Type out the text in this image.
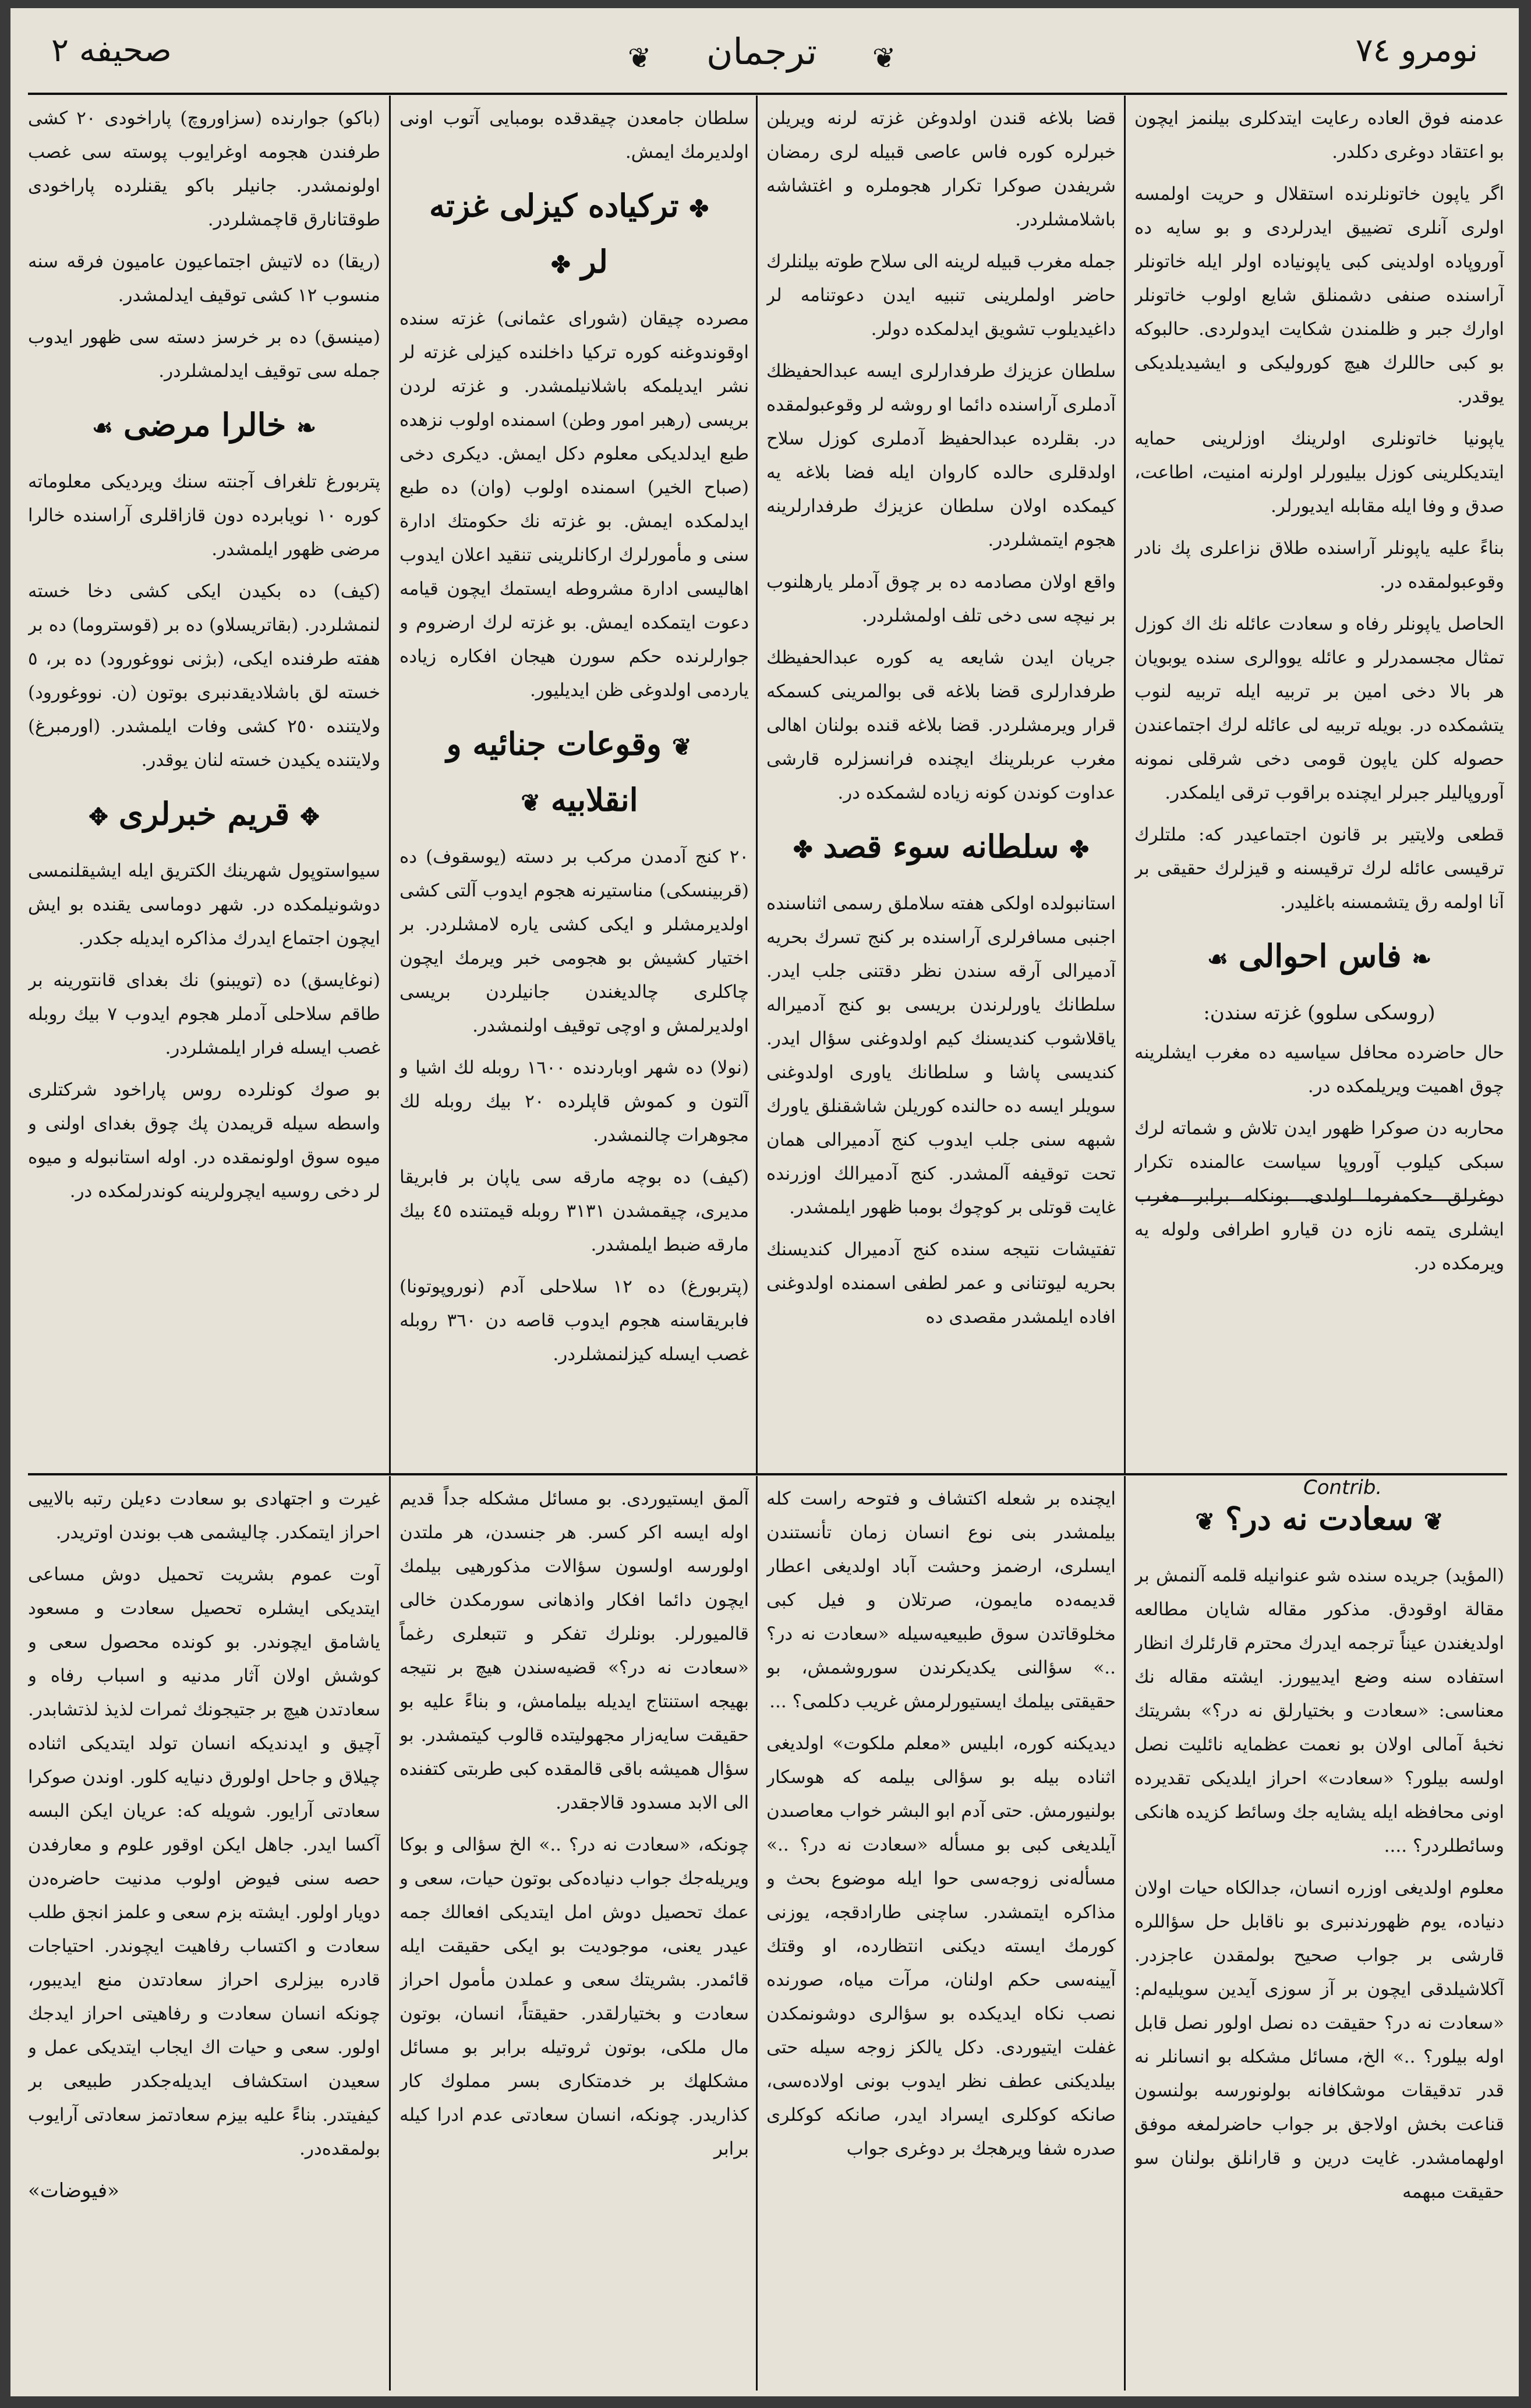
نومرو ٧٤
❦	ترجمان	❦
صحيفه ٢

عدمنه فوق العاده رعايت ايتدكلرى بيلنمز ايچون بو اعتقاد دوغرى دكلدر.

اگر ياپون خاتونلرنده استقلال و حريت اولمسه اولرى آنلرى تضييق ايدرلردى و بو سايه ده آوروپاده اولدينى كبى ياپونياده اولر ايله خاتونلر آراسنده صنفى دشمنلق شايع اولوب خاتونلر اوارك جبر و ظلمندن شكايت ايدولردى. حالبوكه بو كبى حاللرك هيچ كوروليكى و ايشيديلديكى يوقدر.

ياپونيا خاتونلرى اولرينك اوزلرينى حمايه ايتديكلرينى كوزل بيليورلر اولرنه امنيت، اطاعت، صدق و وفا ايله مقابله ايديورلر.

بناءً عليه ياپونلر آراسنده طلاق نزاعلرى پك نادر وقوعبولمقده در.

الحاصل ياپونلر رفاه و سعادت عائله نك اك كوزل تمثال مجسمدرلر و عائله يووالرى سنده يوبويان هر بالا دخى امين بر تربيه ايله تربيه لنوب يتشمكده در. بويله تربيه لى عائله لرك اجتماعندن حصوله كلن ياپون قومى دخى شرقلى نمونه آوروپاليلر جبرلر ايچنده براقوب ترقى ايلمكدر.

قطعى ولايتير بر قانون اجتماعيدر كه: ملتلرك ترقيسى عائله لرك ترقيسنه و قيزلرك حقيقى بر آنا اولمه رق يتشمسنه باغليدر.

❧فاس احوالى☙
(روسكى سلوو) غزته سندن:

حال حاضرده محافل سياسيه ده مغرب ايشلرينه چوق اهميت ويريلمكده در.

محاربه دن صوكرا ظهور ايدن تلاش و شماته لرك سبكى كيلوب آوروپا سياست عالمنده تكرار دوغرلق حكمفرما اولدى. بونكله برابر مغرب ايشلرى يتمه نازه دن قيارو اطرافى ولوله يه ويرمكده در.

قضا بلاغه قندن اولدوغن غزته لرنه ويريلن خبرلره كوره فاس عاصى قبيله لرى رمضان شريفدن صوكرا تكرار هجوملره و اغتشاشه باشلامشلردر.

جمله مغرب قبيله لرينه الى سلاح طوته بيلنلرك حاضر اولملرينى تنبيه ايدن دعوتنامه لر داغيديلوب تشويق ايدلمكده دولر.

سلطان عزيزك طرفدارلرى ايسه عبدالحفيظك آدملرى آراسنده دائما او روشه لر وقوعبولمقده در. بقلرده عبدالحفيظ آدملرى كوزل سلاح اولدقلرى حالده كاروان ايله فضا بلاغه يه كيمكده اولان سلطان عزيزك طرفدارلرينه هجوم ايتمشلردر.

واقع اولان مصادمه ده بر چوق آدملر يارهلنوب بر نيچه سى دخى تلف اولمشلردر.

جريان ايدن شايعه يه كوره عبدالحفيظك طرفدارلرى قضا بلاغه قى بوالمرينى كسمكه قرار ويرمشلردر. قضا بلاغه قنده بولنان اهالى مغرب عربلرينك ايچنده فرانسزلره قارشى عداوت كوندن كونه زياده لشمكده در.

✤سلطانه سوء قصد✤

استانبولده اولكى هفته سلاملق رسمى اثناسنده اجنبى مسافرلرى آراسنده بر كنج تسرك بحريه آدميرالى آرقه سندن نظر دقتنى جلب ايدر. سلطانك ياورلرندن بريسى بو كنج آدميراله ياقلاشوب كنديسنك كيم اولدوغنى سؤال ايدر. كنديسى پاشا و سلطانك ياورى اولدوغنى سويلر ايسه ده حالنده كوريلن شاشقنلق ياورك شبهه سنى جلب ايدوب كنج آدميرالى همان تحت توقيفه آلمشدر. كنج آدميرالك اوزرنده غايت قوتلى بر كوچوك بومبا ظهور ايلمشدر.

تفتيشات نتيجه سنده كنج آدميرال كنديسنك بحريه ليوتنانى و عمر لطفى اسمنده اولدوغنى افاده ايلمشدر مقصدى ده

سلطان جامعدن چيقدقده بومبايى آتوب اونى اولديرمك ايمش.

✤تركياده كيزلى غزته لر✤

مصرده چيقان (شوراى عثمانى) غزته سنده اوقوندوغنه كوره تركيا داخلنده كيزلى غزته لر نشر ايديلمكه باشلانيلمشدر. و غزته لردن بريسى (رهبر امور وطن) اسمنده اولوب نزهده طبع ايدلديكى معلوم دكل ايمش. ديكرى دخى (صباح الخير) اسمنده اولوب (وان) ده طبع ايدلمكده ايمش. بو غزته نك حكومتك ادارة سنى و مأمورلرك اركانلرينى تنقيد اعلان ايدوب اهاليسى ادارة مشروطه ايستمك ايچون قيامه دعوت ايتمكده ايمش. بو غزته لرك ارضروم و جوارلرنده حكم سورن هيجان افكاره زياده ياردمى اولدوغى ظن ايديليور.

❦وقوعات جنائيه و انقلابيه❦

٢٠ كنج آدمدن مركب بر دسته (يوسقوف) ده (قربينسكى) مناستيرنه هجوم ايدوب آلتى كشى اولديرمشلر و ايكى كشى ياره لامشلردر. بر اختيار كشيش بو هجومى خبر ويرمك ايچون چاكلرى چالديغندن جانيلردن بريسى اولديرلمش و اوچى توقيف اولنمشدر.

(نولا) ده شهر اوباردنده ١٦٠٠ روبله لك اشيا و آلتون و كموش قاپلرده ٢٠ بيك روبله لك مجوهرات چالنمشدر.

(كيف) ده بوچه مارقه سى ياپان بر فابريقا مديرى، چيقمشدن ٣١٣١ روبله قيمتنده ٤٥ بيك مارقه ضبط ايلمشدر.

(پتربورغ) ده ١٢ سلاحلى آدم (نوروپوتونا) فابريقاسنه هجوم ايدوب قاصه دن ٣٦٠ روبله غصب ايسله كيزلنمشلردر.

(باكو) جوارنده (سزاوروچ) پاراخودى ٢٠ كشى طرفندن هجومه اوغرايوب پوسته سى غصب اولونمشدر. جانيلر باكو يقنلرده پاراخودى طوقتانارق قاچمشلردر.

(ريقا) ده لاتيش اجتماعيون عاميون فرقه سنه منسوب ١٢ كشى توقيف ايدلمشدر.

(مينسق) ده بر خرسز دسته سى ظهور ايدوب جمله سى توقيف ايدلمشلردر.

❧خالرا مرضى☙

پتربورغ تلغراف آجنته سنك ويرديكى معلوماته كوره ١٠ نويابرده دون قازاقلرى آراسنده خالرا مرضى ظهور ايلمشدر.

(كيف) ده بكيدن ايكى كشى دخا خسته لنمشلردر. (بقاتريسلاو) ده بر (قوستروما) ده بر هفته طرفنده ايكى، (بژنى نووغورود) ده بر، ٥ خسته لق باشلاديقدنبرى بوتون (ن. نووغورود) ولايتنده ٢٥٠ كشى وفات ايلمشدر. (اورمبرغ) ولايتنده يكيدن خسته لنان يوقدر.

✥قريم خبرلرى✥

سيواستوپول شهرينك الكتريق ايله ايشيقلنمسى دوشونيلمكده در. شهر دوماسى يقنده بو ايش ايچون اجتماع ايدرك مذاكره ايديله جكدر.

(نوغايسق) ده (تويبنو) نك بغداى قانتورينه بر طاقم سلاحلى آدملر هجوم ايدوب ٧ بيك روبله غصب ايسله فرار ايلمشلردر.

بو صوك كونلرده روس پاراخود شركتلرى واسطه سيله قريمدن پك چوق بغداى اولنى و ميوه سوق اولونمقده در. اوله استانبوله و ميوه لر دخى روسيه ايچرولرينه كوندرلمكده در.

❦سعادت نه در؟❦

(المؤيد) جريده سنده شو عنوانيله قلمه آلنمش بر مقالة اوقودق. مذكور مقاله شايان مطالعه اولديغندن عيناً ترجمه ايدرك محترم قارئلرك انظار استفاده سنه وضع ايدييورز. ايشته مقاله نك معناسى: «سعادت و بختيارلق نه در؟» بشريتك نخبهٔ آمالى اولان بو نعمت عظمايه نائليت نصل اولسه بيلور؟ «سعادت» احراز ايلديكى تقديرده اونى محافظه ايله يشايه جك وسائط كزيده هانكى وسائطلردر؟ ....

معلوم اولديغى اوزره انسان، جدالكاه حيات اولان دنياده، يوم ظهورندنبرى بو ناقابل حل سؤاللره قارشى بر جواب صحيح بولمقدن عاجزدر. آكلاشيلدقى ايچون بر آز سوزى آيدين سويليه‌لم: «سعادت نه در؟ حقيقت ده نصل اولور نصل قابل اوله بيلور؟ ..» الخ، مسائل مشكله بو انسانلر نه قدر تدقيقات موشكافانه بولونورسه بولنسون قناعت بخش اولاجق بر جواب حاضرلمغه موفق اولهمامشدر. غايت درين و قارانلق بولنان سو حقيقت مبهمه

Contrib.

ايچنده بر شعله اكتشاف و فتوحه راست كله بيلمشدر بنى نوع انسان زمان تأنستندن ايسلرى، ارضمز وحشت آباد اولديغى اعطار قديمه‌ده مايمون، صرتلان و فيل كبى مخلوقاتدن سوق طبيعيه‌سيله «سعادت نه در؟ ..» سؤالنى يكديكرندن سوروشمش، بو حقيقتى بيلمك ايستيورلرمش غريب دكلمى؟ ...

ديديكنه كوره، ابليس «معلم ملكوت» اولديغى اثناده بيله بو سؤالى بيلمه كه هوسكار بولنيورمش. حتى آدم ابو البشر خواب معاصىدن آيلديغى كبى بو مسأله «سعادت نه در؟ ..» مسأله‌نى زوجه‌سى حوا ايله موضوع بحث و مذاكره ايتمشدر. ساچنى طارادقجه، يوزنى كورمك ايسته ديكنى انتظارده، او وقتك آيينه‌سى حكم اولنان، مرآت مياه، صورنده نصب نكاه ايديكده بو سؤالرى دوشونمكدن غفلت ايتيوردى. دكل يالكز زوجه سيله حتى بيلديكنى عطف نظر ايدوب بونى اولاده‌سى، صانكه كوكلرى ايسراد ايدر، صانكه كوكلرى صدره شفا ويرهجك بر دوغرى جواب

آلمق ايستيوردى. بو مسائل مشكله جداً قديم اوله ايسه اكر كسر. هر جنسدن، هر ملتدن اولورسه اولسون سؤالات مذكورهيى بيلمك ايچون دائما افكار واذهانى سورمكدن خالى قالميورلر. بونلرك تفكر و تتبعلرى رغماً «سعادت نه در؟» قضيه‌سندن هيچ بر نتيجه بهيجه استنتاج ايديله بيلمامش، و بناءً عليه بو حقيقت سايه‌زار مجهوليتده قالوب كيتمشدر. بو سؤال هميشه باقى قالمقده كبى طربتى كتفنده الى الابد مسدود قالاجقدر.

چونكه، «سعادت نه در؟ ..» الخ سؤالى و بوكا ويريله‌جك جواب دنياده‌كى بوتون حيات، سعى و عمك تحصيل دوش امل ايتديكى افعالك جمه عيدر يعنى، موجوديت بو ايكى حقيقت ايله قائمدر. بشريتك سعى و عملدن مأمول احراز سعادت و بختيارلقدر. حقيقتاً، انسان، بوتون مال ملكى، بوتون ثروتيله برابر بو مسائل مشكلهك بر خدمتكارى بسر مملوك كار كذاريدر. چونكه، انسان سعادتى عدم ادرا كيله برابر

غيرت و اجتهادى بو سعادت دءيلن رتبه بالاييى احراز ايتمكدر. چاليشمى هب بوندن اوتريدر.

آوت عموم بشريت تحميل دوش مساعى ايتديكى ايشلره تحصيل سعادت و مسعود ياشامق ايچوندر. بو كونده محصول سعى و كوشش اولان آثار مدنيه و اسباب رفاه و سعادتدن هيچ بر جتيجونك ثمرات لذيذ لذتشابدر. آچيق و ايدنديكه انسان تولد ايتديكى اثناده چيلاق و جاحل اولورق دنيايه كلور. اوندن صوكرا سعادتى آرايور. شويله كه: عريان ايكن البسه آكسا ايدر. جاهل ايكن اوقور علوم و معارفدن حصه سنى فيوض اولوب مدنيت حاضره‌دن دويار اولور. ايشته بزم سعى و علمز انجق طلب سعادت و اكتساب رفاهيت ايچوندر. احتياجات قادره بيزلرى احراز سعادتدن منع ايديبور، چونكه انسان سعادت و رفاهيتى احراز ايدجك اولور. سعى و حيات اك ايجاب ايتديكى عمل و سعيدن استكشاف ايديله‌جكدر طبيعى بر كيفيتدر. بناءً عليه بيزم سعادتمز سعادتى آرايوب بولمقده‌در.

«فيوضات»
